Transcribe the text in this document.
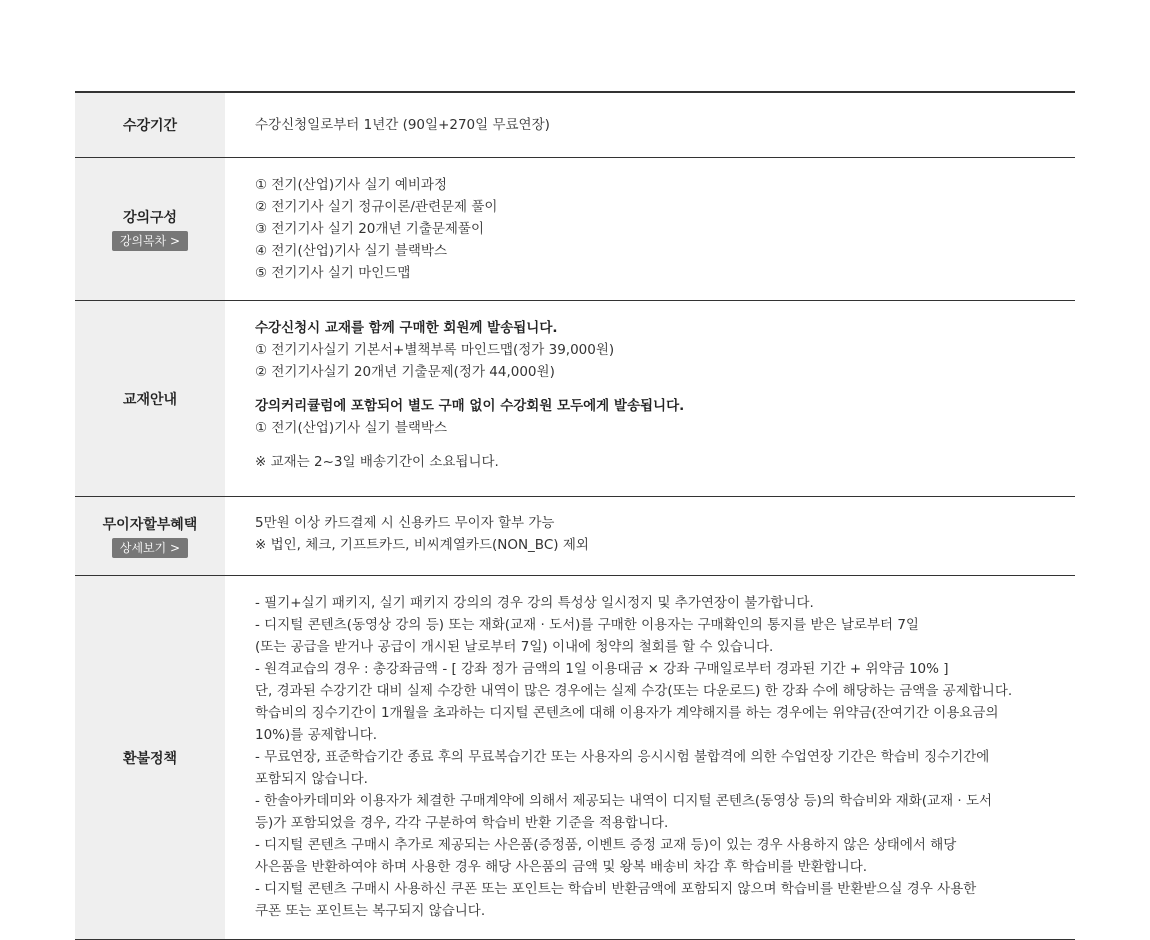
수강기간	수강신청일로부터 1년간 (90일+270일 무료연장)
강의구성
강의목차 >
① 전기(산업)기사 실기 예비과정
② 전기기사 실기 정규이론/관련문제 풀이
③ 전기기사 실기 20개년 기출문제풀이
④ 전기(산업)기사 실기 블랙박스
⑤ 전기기사 실기 마인드맵
교재안내
수강신청시 교재를 함께 구매한 회원께 발송됩니다.
① 전기기사실기 기본서+별책부록 마인드맵(정가 39,000원)
② 전기기사실기 20개년 기출문제(정가 44,000원)
강의커리큘럼에 포함되어 별도 구매 없이 수강회원 모두에게 발송됩니다.
① 전기(산업)기사 실기 블랙박스
※ 교재는 2~3일 배송기간이 소요됩니다.
무이자할부혜택
상세보기 >
5만원 이상 카드결제 시 신용카드 무이자 할부 가능
※ 법인, 체크, 기프트카드, 비씨계열카드(NON_BC) 제외
환불정책
- 필기+실기 패키지, 실기 패키지 강의의 경우 강의 특성상 일시정지 및 추가연장이 불가합니다.
- 디지털 콘텐츠(동영상 강의 등) 또는 재화(교재 · 도서)를 구매한 이용자는 구매확인의 통지를 받은 날로부터 7일
(또는 공급을 받거나 공급이 개시된 날로부터 7일) 이내에 청약의 철회를 할 수 있습니다.
- 원격교습의 경우 : 총강좌금액 - [ 강좌 정가 금액의 1일 이용대금 × 강좌 구매일로부터 경과된 기간 + 위약금 10% ]
단, 경과된 수강기간 대비 실제 수강한 내역이 많은 경우에는 실제 수강(또는 다운로드) 한 강좌 수에 해당하는 금액을 공제합니다.
학습비의 징수기간이 1개월을 초과하는 디지털 콘텐츠에 대해 이용자가 계약해지를 하는 경우에는 위약금(잔여기간 이용요금의
10%)를 공제합니다.
- 무료연장, 표준학습기간 종료 후의 무료복습기간 또는 사용자의 응시시험 불합격에 의한 수업연장 기간은 학습비 징수기간에
포함되지 않습니다.
- 한솔아카데미와 이용자가 체결한 구매계약에 의해서 제공되는 내역이 디지털 콘텐츠(동영상 등)의 학습비와 재화(교재 · 도서
등)가 포함되었을 경우, 각각 구분하여 학습비 반환 기준을 적용합니다.
- 디지털 콘텐츠 구매시 추가로 제공되는 사은품(증정품, 이벤트 증정 교재 등)이 있는 경우 사용하지 않은 상태에서 해당
사은품을 반환하여야 하며 사용한 경우 해당 사은품의 금액 및 왕복 배송비 차감 후 학습비를 반환합니다.
- 디지털 콘텐츠 구매시 사용하신 쿠폰 또는 포인트는 학습비 반환금액에 포함되지 않으며 학습비를 반환받으실 경우 사용한
쿠폰 또는 포인트는 복구되지 않습니다.
